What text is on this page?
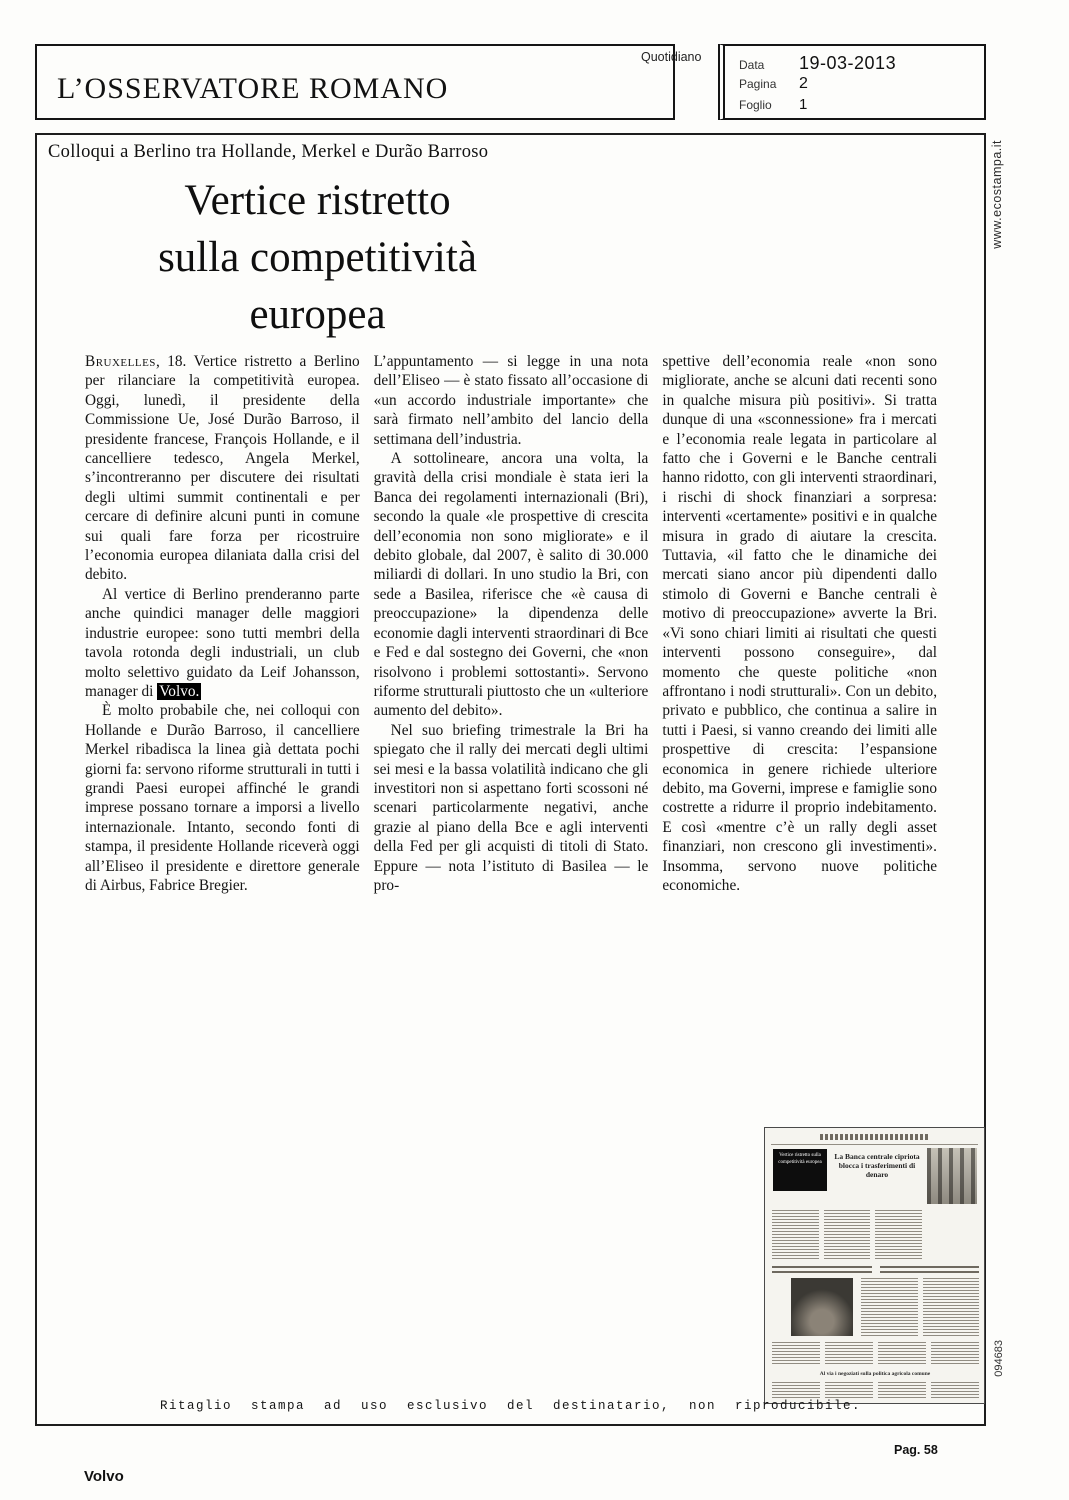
L’OSSERVATORE ROMANO
Quotidiano
Data	19-03-2013
Pagina	2
Foglio	1
Colloqui a Berlino tra Hollande, Merkel e Durão Barroso
Vertice ristretto
sulla competitività
europea

Bruxelles, 18. Vertice ristretto a Berlino per rilanciare la competitività europea. Oggi, lunedì, il presidente della Commissione Ue, José Durão Barroso, il presidente francese, François Hollande, e il cancelliere tedesco, Angela Merkel, s’incontreranno per discutere dei risultati degli ultimi summit continentali e per cercare di definire alcuni punti in comune sui quali fare forza per ricostruire l’economia europea dilaniata dalla crisi del debito.

Al vertice di Berlino prenderanno parte anche quindici manager delle maggiori industrie europee: sono tutti membri della tavola rotonda degli industriali, un club molto selettivo guidato da Leif Johansson, manager di Volvo.

È molto probabile che, nei colloqui con Hollande e Durão Barroso, il cancelliere Merkel ribadisca la linea già dettata pochi giorni fa: servono riforme strutturali in tutti i grandi Paesi europei affinché le grandi imprese possano tornare a imporsi a livello internazionale. Intanto, secondo fonti di stampa, il presidente Hollande riceverà oggi all’Eliseo il presidente e direttore generale di Airbus, Fabrice Bregier.

L’appuntamento — si legge in una nota dell’Eliseo — è stato fissato all’occasione di «un accordo industriale importante» che sarà firmato nell’ambito del lancio della settimana dell’industria.

A sottolineare, ancora una volta, la gravità della crisi mondiale è stata ieri la Banca dei regolamenti internazionali (Bri), secondo la quale «le prospettive di crescita dell’economia non sono migliorate» e il debito globale, dal 2007, è salito di 30.000 miliardi di dollari. In uno studio la Bri, con sede a Basilea, riferisce che «è causa di preoccupazione» la dipendenza delle economie dagli interventi straordinari di Bce e Fed e dal sostegno dei Governi, che «non risolvono i problemi sottostanti». Servono riforme strutturali piuttosto che un «ulteriore aumento del debito».

Nel suo briefing trimestrale la Bri ha spiegato che il rally dei mercati degli ultimi sei mesi e la bassa volatilità indicano che gli investitori non si aspettano forti scossoni né scenari particolarmente negativi, anche grazie al piano della Bce e agli interventi della Fed per gli acquisti di titoli di Stato. Eppure — nota l’istituto di Basilea — le pro-

spettive dell’economia reale «non sono migliorate, anche se alcuni dati recenti sono in qualche misura più positivi». Si tratta dunque di una «sconnessione» fra i mercati e l’economia reale legata in particolare al fatto che i Governi e le Banche centrali hanno ridotto, con gli interventi straordinari, i rischi di shock finanziari a sorpresa: interventi «certamente» positivi e in qualche misura in grado di aiutare la crescita. Tuttavia, «il fatto che le dinamiche dei mercati siano ancor più dipendenti dallo stimolo di Governi e Banche centrali è motivo di preoccupazione» avverte la Bri. «Vi sono chiari limiti ai risultati che questi interventi possono conseguire», dal momento che queste politiche «non affrontano i nodi strutturali». Con un debito, privato e pubblico, che continua a salire in tutti i Paesi, si vanno creando dei limiti alle prospettive di crescita: l’espansione economica in genere richiede ulteriore debito, ma Governi, imprese e famiglie sono costrette a ridurre il proprio indebitamento. E così «mentre c’è un rally degli asset finanziari, non crescono gli investimenti». Insomma, servono nuove politiche economiche.

Vertice ristretto sulla competitività europea
La Banca centrale cipriota blocca i trasferimenti di denaro
Al via i negoziati sulla politica agricola comune
Ritaglio stampa ad uso esclusivo del destinatario, non riproducibile.
www.ecostampa.it
094683
Volvo
Pag. 58
